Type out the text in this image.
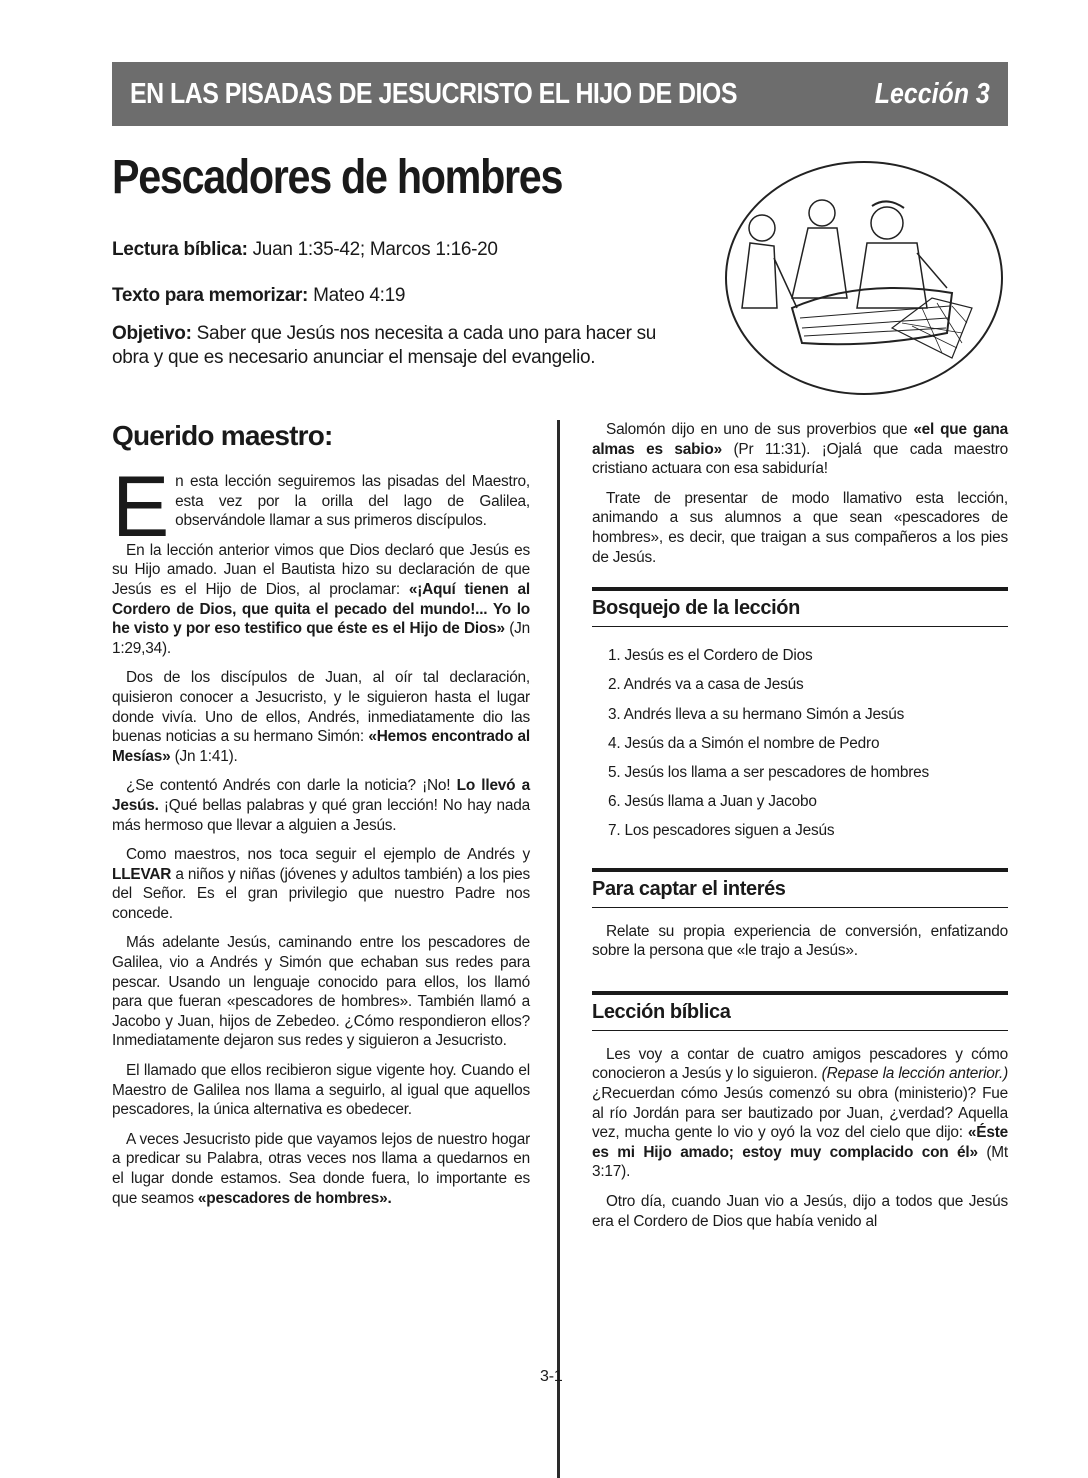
EN LAS PISADAS DE JESUCRISTO EL HIJO DE DIOS	Lección 3
Pescadores de hombres

Lectura bíblica: Juan 1:35-42; Marcos 1:16-20

Texto para memorizar: Mateo 4:19

Objetivo: Saber que Jesús nos necesita a cada uno para hacer su obra y que es necesario anunciar el mensaje del evangelio.

Querido maestro:

En esta lección seguiremos las pisadas del Maestro, esta vez por la orilla del lago de Galilea, observándole llamar a sus primeros discípulos.

En la lección anterior vimos que Dios declaró que Jesús es su Hijo amado. Juan el Bautista hizo su declaración de que Jesús es el Hijo de Dios, al proclamar: «¡Aquí tienen al Cordero de Dios, que quita el pecado del mundo!... Yo lo he visto y por eso testifico que éste es el Hijo de Dios» (Jn 1:29,34).

Dos de los discípulos de Juan, al oír tal declaración, quisieron conocer a Jesucristo, y le siguieron hasta el lugar donde vivía. Uno de ellos, Andrés, inmediatamente dio las buenas noticias a su hermano Simón: «Hemos encontrado al Mesías» (Jn 1:41).

¿Se contentó Andrés con darle la noticia? ¡No! Lo llevó a Jesús. ¡Qué bellas palabras y qué gran lección! No hay nada más hermoso que llevar a alguien a Jesús.

Como maestros, nos toca seguir el ejemplo de Andrés y LLEVAR a niños y niñas (jóvenes y adultos también) a los pies del Señor. Es el gran privilegio que nuestro Padre nos concede.

Más adelante Jesús, caminando entre los pescadores de Galilea, vio a Andrés y Simón que echaban sus redes para pescar. Usando un lenguaje conocido para ellos, los llamó para que fueran «pescadores de hombres». También llamó a Jacobo y Juan, hijos de Zebedeo. ¿Cómo respondieron ellos? Inmediatamente dejaron sus redes y siguieron a Jesucristo.

El llamado que ellos recibieron sigue vigente hoy. Cuando el Maestro de Galilea nos llama a seguirlo, al igual que aquellos pescadores, la única alternativa es obedecer.

A veces Jesucristo pide que vayamos lejos de nuestro hogar a predicar su Palabra, otras veces nos llama a quedarnos en el lugar donde estamos. Sea donde fuera, lo importante es que seamos «pescadores de hombres».

Salomón dijo en uno de sus proverbios que «el que gana almas es sabio» (Pr 11:31). ¡Ojalá que cada maestro cristiano actuara con esa sabiduría!

Trate de presentar de modo llamativo esta lección, animando a sus alumnos a que sean «pescadores de hombres», es decir, que traigan a sus compañeros a los pies de Jesús.

Bosquejo de la lección
1. Jesús es el Cordero de Dios
2. Andrés va a casa de Jesús
3. Andrés lleva a su hermano Simón a Jesús
4. Jesús da a Simón el nombre de Pedro
5. Jesús los llama a ser pescadores de hombres
6. Jesús llama a Juan y Jacobo
7. Los pescadores siguen a Jesús
Para captar el interés

Relate su propia experiencia de conversión, enfatizando sobre la persona que «le trajo a Jesús».

Lección bíblica

Les voy a contar de cuatro amigos pescadores y cómo conocieron a Jesús y lo siguieron. (Repase la lección anterior.) ¿Recuerdan cómo Jesús comenzó su obra (ministerio)? Fue al río Jordán para ser bautizado por Juan, ¿verdad? Aquella vez, mucha gente lo vio y oyó la voz del cielo que dijo: «Éste es mi Hijo amado; estoy muy complacido con él» (Mt 3:17).

Otro día, cuando Juan vio a Jesús, dijo a todos que Jesús era el Cordero de Dios que había venido al

3-1
